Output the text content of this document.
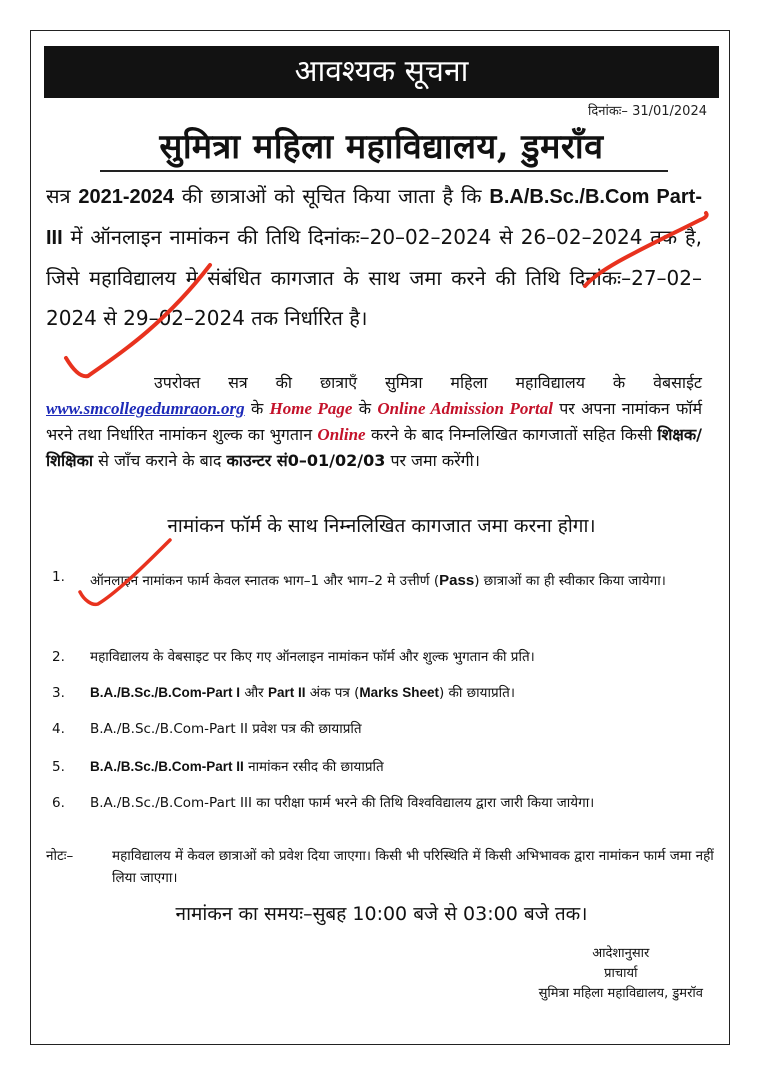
आवश्यक सूचना
दिनांकः– 31/01/2024
सुमित्रा महिला महाविद्यालय, डुमराँव
सत्र 2021-2024 की छात्राओं को सूचित किया जाता है कि B.A/B.Sc./B.Com Part-III में ऑनलाइन नामांकन की तिथि दिनांकः–20–02–2024 से 26–02–2024 तक है, जिसे महाविद्यालय मे संबंधित कागजात के साथ जमा करने की तिथि दिनांकः–27–02–2024 से 29–02–2024 तक निर्धारित है।
उपरोक्त सत्र की छात्राएँ सुमित्रा महिला महाविद्यालय के वेबसाईट www.smcollegedumraon.org के Home Page के Online Admission Portal पर अपना नामांकन फॉर्म भरने तथा निर्धारित नामांकन शुल्क का भुगतान Online करने के बाद निम्नलिखित कागजातों सहित किसी शिक्षक/शिक्षिका से जाँच कराने के बाद काउन्टर सं0–01/02/03 पर जमा करेंगी।
नामांकन फॉर्म के साथ निम्नलिखित कागजात जमा करना होगा।
1.	ऑनलाइन नामांकन फार्म केवल स्नातक भाग–1 और भाग–2 मे उत्तीर्ण (Pass) छात्राओं का ही स्वीकार किया जायेगा।
2.	महाविद्यालय के वेबसाइट पर किए गए ऑनलाइन नामांकन फॉर्म और शुल्क भुगतान की प्रति।
3.	B.A./B.Sc./B.Com-Part I और Part II अंक पत्र (Marks Sheet) की छायाप्रति।
4.	B.A./B.Sc./B.Com-Part II प्रवेश पत्र की छायाप्रति
5.	B.A./B.Sc./B.Com-Part II नामांकन रसीद की छायाप्रति
6.	B.A./B.Sc./B.Com-Part III का परीक्षा फार्म भरने की तिथि विश्वविद्यालय द्वारा जारी किया जायेगा।
नोटः–	महाविद्यालय में केवल छात्राओं को प्रवेश दिया जाएगा। किसी भी परिस्थिति में किसी अभिभावक द्वारा नामांकन फार्म जमा नहीं लिया जाएगा।
नामांकन का समयः–सुबह 10:00 बजे से 03:00 बजे तक।
आदेशानुसार
प्राचार्या
सुमित्रा महिला महाविद्यालय, डुमरॉव
